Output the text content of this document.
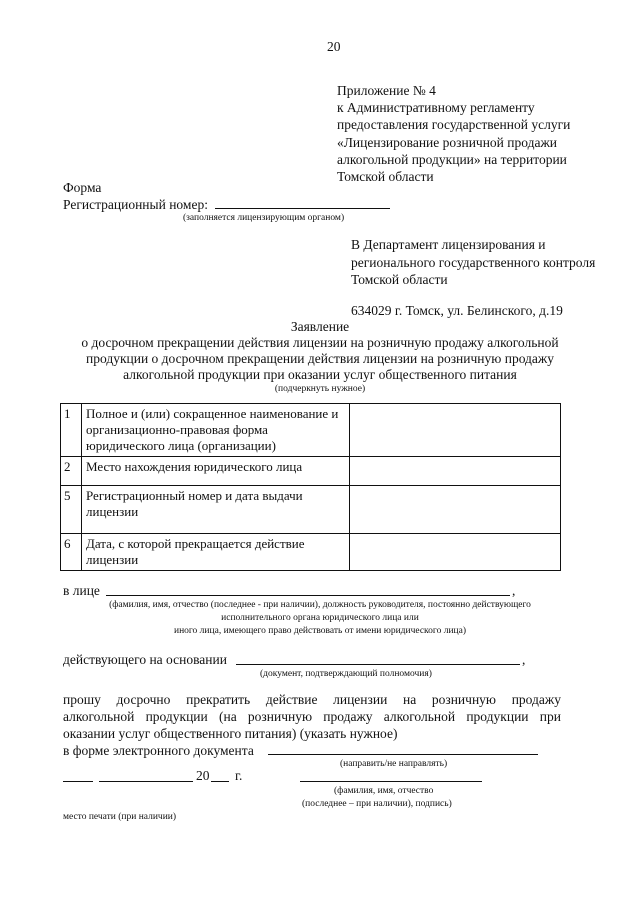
20
Приложение № 4
к Административному регламенту
предоставления государственной услуги
«Лицензирование розничной продажи
алкогольной продукции» на территории
Томской области
Форма
Регистрационный номер:
(заполняется лицензирующим органом)
В Департамент лицензирования и
регионального государственного контроля
Томской области
634029 г. Томск, ул. Белинского, д.19
Заявление
о досрочном прекращении действия лицензии на розничную продажу алкогольной
продукции о досрочном прекращении действия лицензии на розничную продажу
алкогольной продукции при оказании услуг общественного питания
(подчеркнуть нужное)
1	Полное и (или) сокращенное наименование и организационно-правовая форма юридического лица (организации)	
2	Место нахождения юридического лица	
5	Регистрационный номер и дата выдачи лицензии	
6	Дата, с которой прекращается действие лицензии	
в лице	,
(фамилия, имя, отчество (последнее - при наличии), должность руководителя, постоянно действующего
исполнительного органа юридического лица или
иного лица, имеющего право действовать от имени юридического лица)
действующего на основании	,
(документ, подтверждающий полномочия)
прошу досрочно прекратить действие лицензии на розничную продажу
алкогольной продукции (на розничную продажу алкогольной продукции при
оказании услуг общественного питания) (указать нужное)
в форме электронного документа
(направить/не направлять)
20 г.
(фамилия, имя, отчество
(последнее – при наличии), подпись)
место печати (при наличии)
